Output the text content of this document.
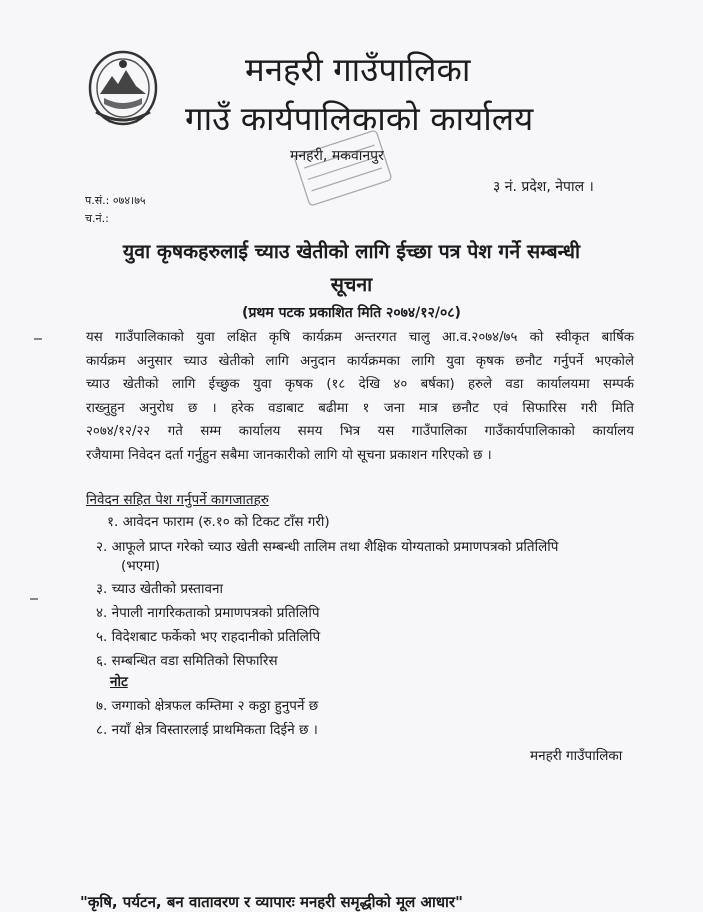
मनहरी गाउँपालिका
गाउँ कार्यपालिकाको कार्यालय
मनहरी, मकवानपुर
३ नं. प्रदेश, नेपाल ।
प.सं.: ०७४।७५
च.नं.:
युवा कृषकहरुलाई च्याउ खेतीको लागि ईच्छा पत्र पेश गर्ने सम्बन्धी
सूचना
(प्रथम पटक प्रकाशित मिति २०७४/१२/०८)
यस गाउँपालिकाको युवा लक्षित कृषि कार्यक्रम अन्तरगत चालु आ.व.२०७४/७५ को स्वीकृत बार्षिक
कार्यक्रम अनुसार च्याउ खेतीको लागि अनुदान कार्यक्रमका लागि युवा कृषक छनौट गर्नुपर्ने भएकोले
च्याउ खेतीको लागि ईच्छुक युवा कृषक (१८ देखि ४० बर्षका) हरुले वडा कार्यालयमा सम्पर्क
राख्नुहुन अनुरोध छ । हरेक वडाबाट बढीमा १ जना मात्र छनौट एवं सिफारिस गरी मिति
२०७४/१२/२२ गते सम्म कार्यालय समय भित्र यस गाउँपालिका गाउँकार्यपालिकाको कार्यालय
रजैयामा निवेदन दर्ता गर्नुहुन सबैमा जानकारीको लागि यो सूचना प्रकाशन गरिएको छ ।
निवेदन सहित पेश गर्नुपर्ने कागजातहरु
१. आवेदन फाराम (रु.१० को टिकट टाँस गरी)
२. आफूले प्राप्त गरेको च्याउ खेती सम्बन्धी तालिम तथा शैक्षिक योग्यताको प्रमाणपत्रको प्रतिलिपि
(भएमा)
३. च्याउ खेतीको प्रस्तावना
४. नेपाली नागरिकताको प्रमाणपत्रको प्रतिलिपि
५. विदेशबाट फर्केको भए राहदानीको प्रतिलिपि
६. सम्बन्धित वडा समितिको सिफारिस
नोट
७. जग्गाको क्षेत्रफल कम्तिमा २ कठ्ठा हुनुपर्ने छ
८. नयाँ क्षेत्र विस्तारलाई प्राथमिकता दिईने छ ।
मनहरी गाउँपालिका
"कृषि, पर्यटन, बन वातावरण र व्यापारः मनहरी समृद्धीको मूल आधार"
